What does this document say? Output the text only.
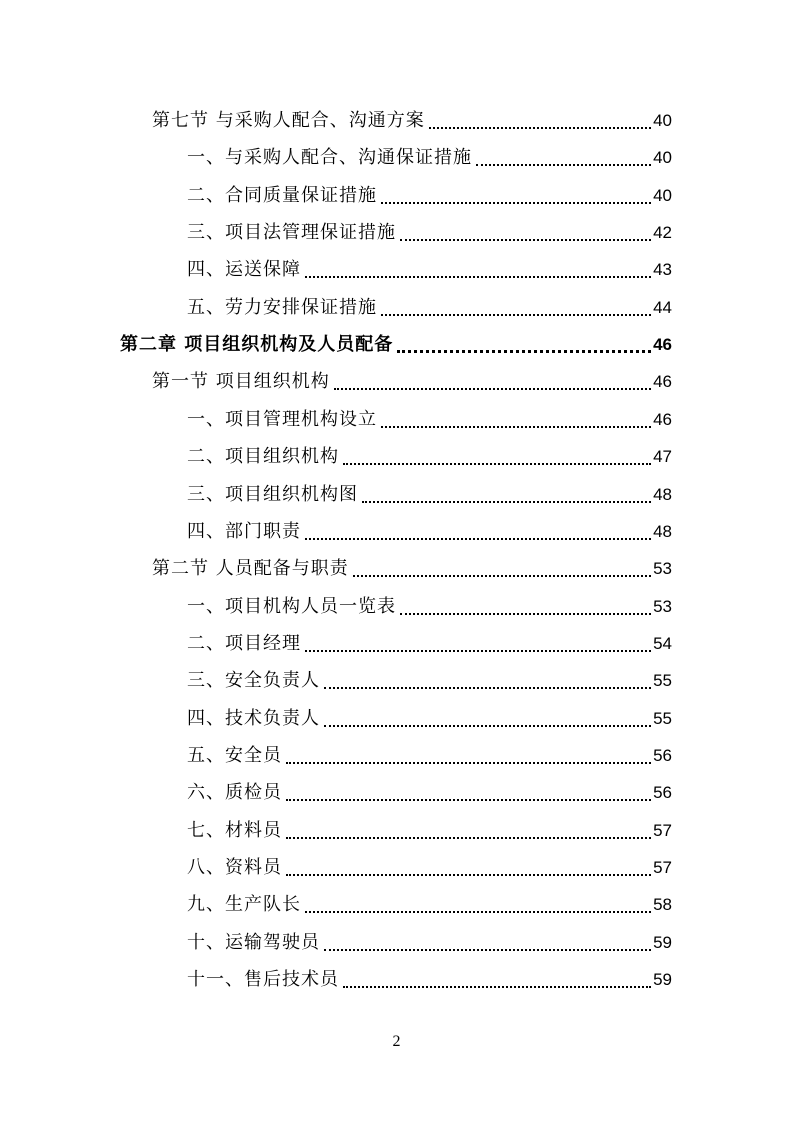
第七节 与采购人配合、沟通方案	40
一、与采购人配合、沟通保证措施	40
二、合同质量保证措施	40
三、项目法管理保证措施	42
四、运送保障	43
五、劳力安排保证措施	44
第二章 项目组织机构及人员配备	46
第一节 项目组织机构	46
一、项目管理机构设立	46
二、项目组织机构	47
三、项目组织机构图	48
四、部门职责	48
第二节 人员配备与职责	53
一、项目机构人员一览表	53
二、项目经理	54
三、安全负责人	55
四、技术负责人	55
五、安全员	56
六、质检员	56
七、材料员	57
八、资料员	57
九、生产队长	58
十、运输驾驶员	59
十一、售后技术员	59
2
